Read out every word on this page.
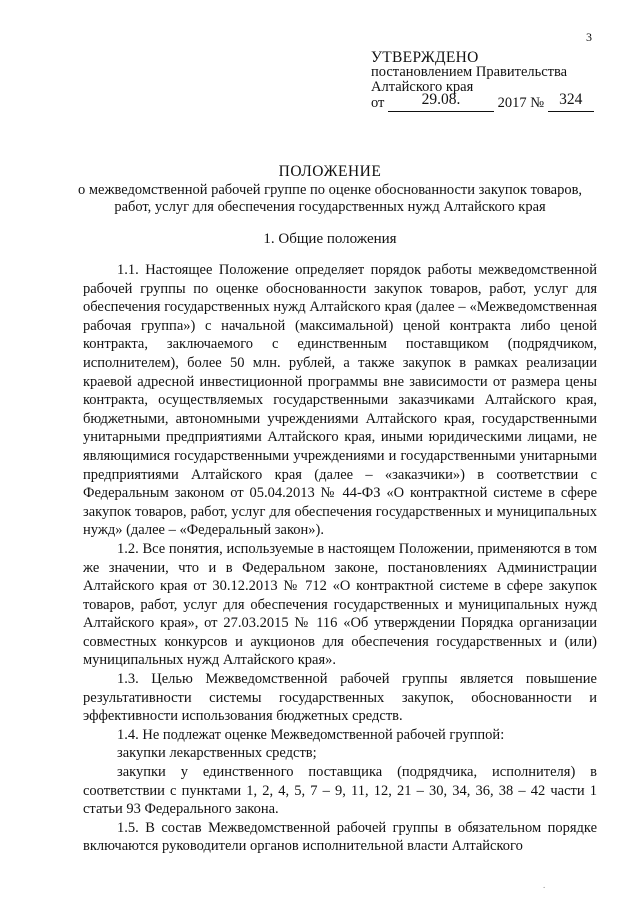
3
УТВЕРЖДЕНО
постановлением Правительства
Алтайского края
от 29.08.	2017 № 324
ПОЛОЖЕНИЕ
о межведомственной рабочей группе по оценке обоснованности закупок товаров, работ, услуг для обеспечения государственных нужд Алтайского края
1. Общие положения

1.1. Настоящее Положение определяет порядок работы межведомственной рабочей группы по оценке обоснованности закупок товаров, работ, услуг для обеспечения государственных нужд Алтайского края (далее – «Межведомственная рабочая группа») с начальной (максимальной) ценой контракта либо ценой контракта, заключаемого с единственным поставщиком (подрядчиком, исполнителем), более 50 млн. рублей, а также закупок в рамках реализации краевой адресной инвестиционной программы вне зависимости от размера цены контракта, осуществляемых государственными заказчиками Алтайского края, бюджетными, автономными учреждениями Алтайского края, государственными унитарными предприятиями Алтайского края, иными юридическими лицами, не являющимися государственными учреждениями и государственными унитарными предприятиями Алтайского края (далее – «заказчики») в соответствии с Федеральным законом от 05.04.2013 № 44-ФЗ «О контрактной системе в сфере закупок товаров, работ, услуг для обеспечения государственных и муниципальных нужд» (далее – «Федеральный закон»).

1.2. Все понятия, используемые в настоящем Положении, применяются в том же значении, что и в Федеральном законе, постановлениях Администрации Алтайского края от 30.12.2013 № 712 «О контрактной системе в сфере закупок товаров, работ, услуг для обеспечения государственных и муниципальных нужд Алтайского края», от 27.03.2015 № 116 «Об утверждении Порядка организации совместных конкурсов и аукционов для обеспечения государственных и (или) муниципальных нужд Алтайского края».

1.3. Целью Межведомственной рабочей группы является повышение результативности системы государственных закупок, обоснованности и эффективности использования бюджетных средств.

1.4. Не подлежат оценке Межведомственной рабочей группой:

закупки лекарственных средств;

закупки у единственного поставщика (подрядчика, исполнителя) в соответствии с пунктами 1, 2, 4, 5, 7 – 9, 11, 12, 21 – 30, 34, 36, 38 – 42 части 1 статьи 93 Федерального закона.

1.5. В состав Межведомственной рабочей группы в обязательном порядке включаются руководители органов исполнительной власти Алтайского

.
